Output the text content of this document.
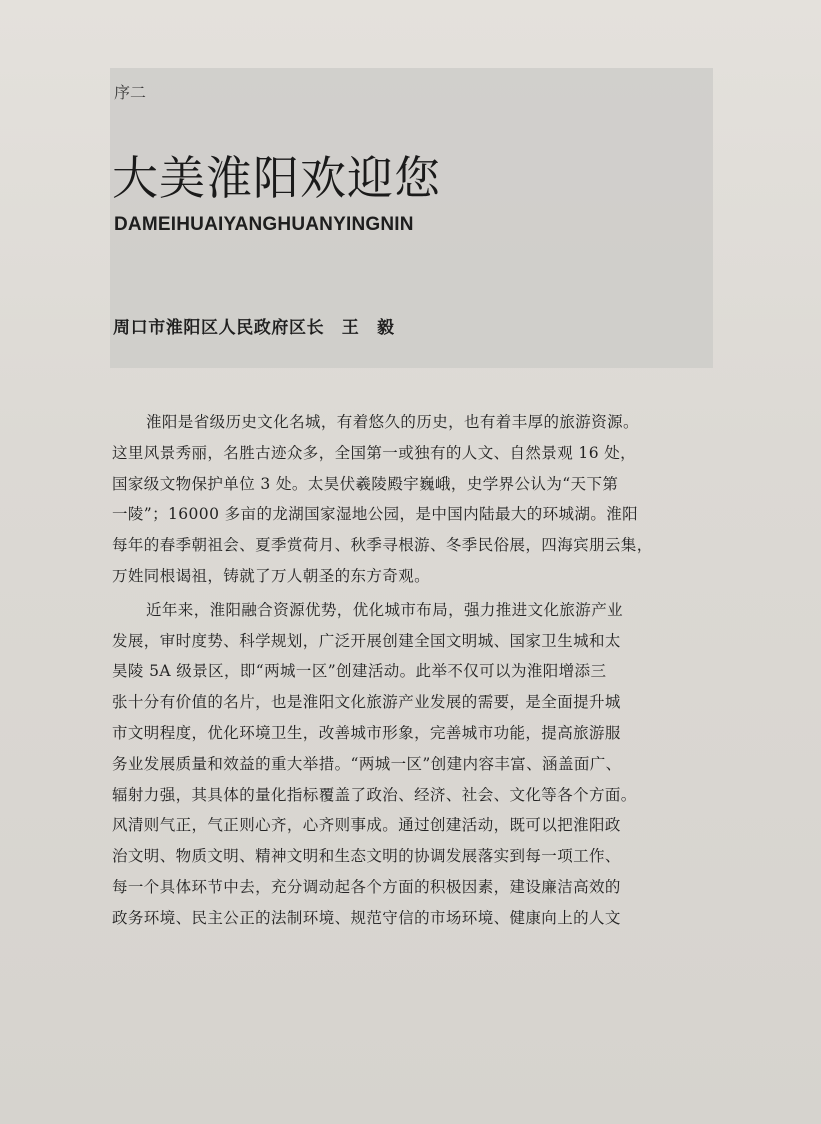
序二
大美淮阳欢迎您
DAMEIHUAIYANGHUANYINGNIN
周口市淮阳区人民政府区长　王　毅
淮阳是省级历史文化名城，有着悠久的历史，也有着丰厚的旅游资源。
这里风景秀丽，名胜古迹众多，全国第一或独有的人文、自然景观 16 处，
国家级文物保护单位 3 处。太昊伏羲陵殿宇巍峨，史学界公认为“天下第
一陵”；16000 多亩的龙湖国家湿地公园，是中国内陆最大的环城湖。淮阳
每年的春季朝祖会、夏季赏荷月、秋季寻根游、冬季民俗展，四海宾朋云集，
万姓同根谒祖，铸就了万人朝圣的东方奇观。
近年来，淮阳融合资源优势，优化城市布局，强力推进文化旅游产业
发展，审时度势、科学规划，广泛开展创建全国文明城、国家卫生城和太
昊陵 5A 级景区，即“两城一区”创建活动。此举不仅可以为淮阳增添三
张十分有价值的名片，也是淮阳文化旅游产业发展的需要，是全面提升城
市文明程度，优化环境卫生，改善城市形象，完善城市功能，提高旅游服
务业发展质量和效益的重大举措。“两城一区”创建内容丰富、涵盖面广、
辐射力强，其具体的量化指标覆盖了政治、经济、社会、文化等各个方面。
风清则气正，气正则心齐，心齐则事成。通过创建活动，既可以把淮阳政
治文明、物质文明、精神文明和生态文明的协调发展落实到每一项工作、
每一个具体环节中去，充分调动起各个方面的积极因素，建设廉洁高效的
政务环境、民主公正的法制环境、规范守信的市场环境、健康向上的人文
